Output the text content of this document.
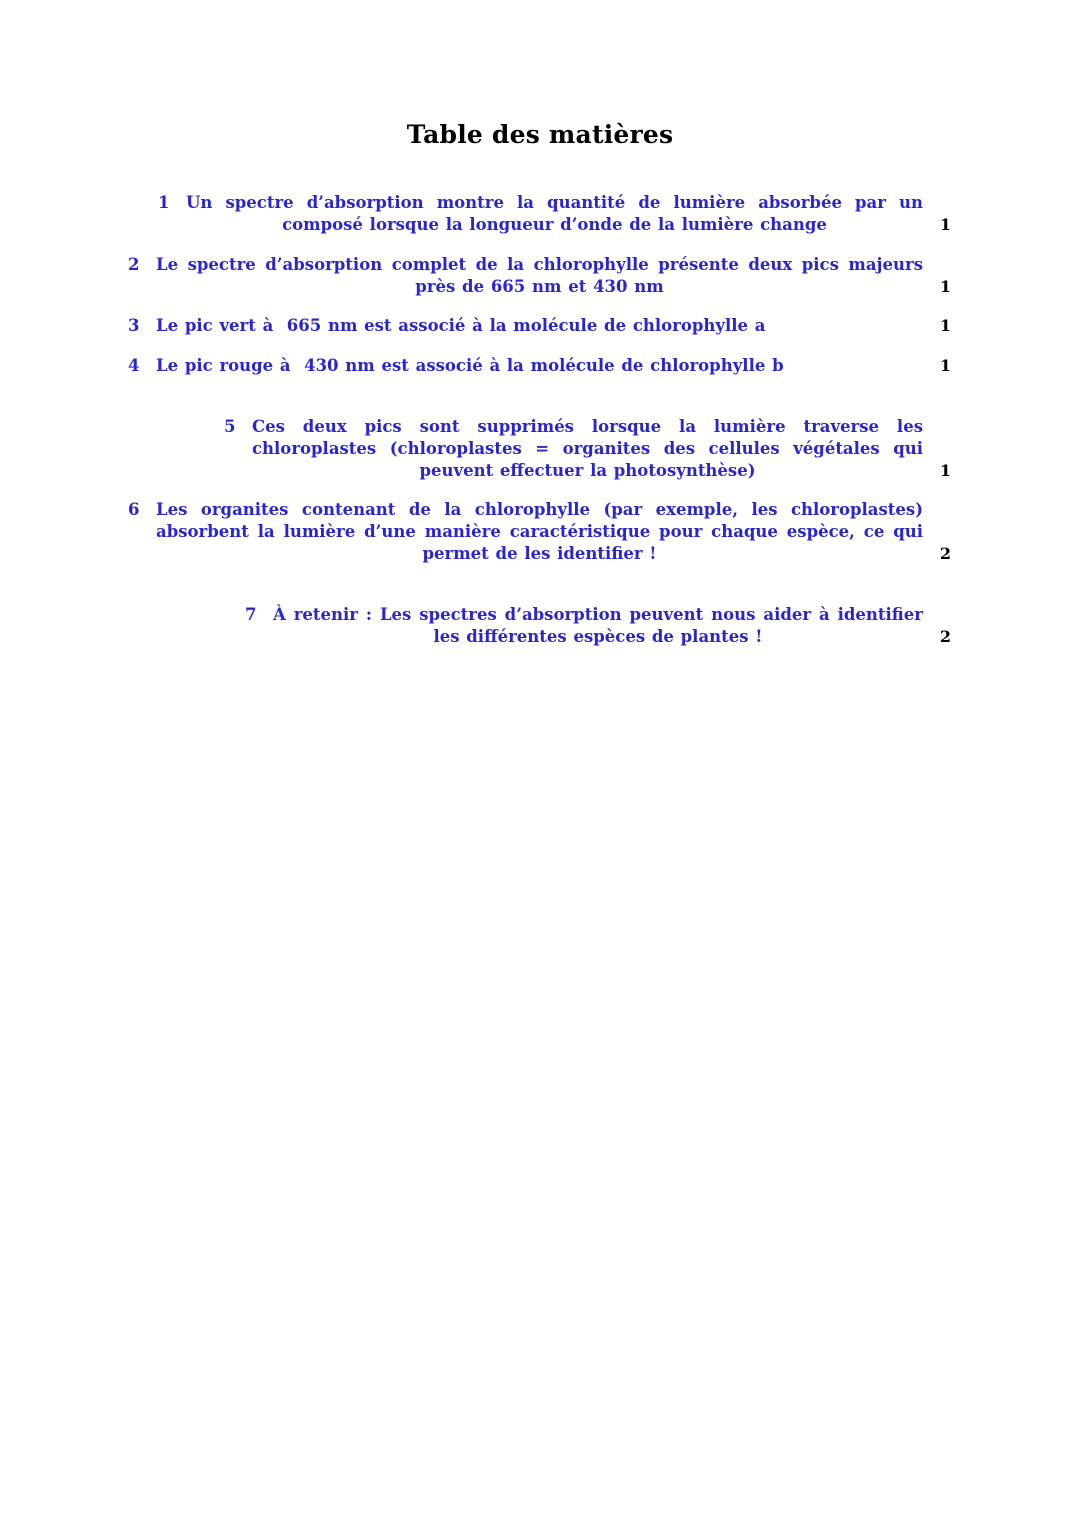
Table des matières
1 Un spectre d’absorption montre la quantité de lumière absorbée par un composé lorsque la longueur d’onde de la lumière change	1
2 Le spectre d’absorption complet de la chlorophylle présente deux pics majeurs près de 665 nm et 430 nm	1
3 Le pic vert à  665 nm est associé à la molécule de chlorophylle a	1
4 Le pic rouge à  430 nm est associé à la molécule de chlorophylle b	1
5 Ces deux pics sont supprimés lorsque la lumière traverse les chloroplastes (chloroplastes = organites des cellules végétales qui peuvent effectuer la photosynthèse)	1
6 Les organites contenant de la chlorophylle (par exemple, les chloroplastes) absorbent la lumière d’une manière caractéristique pour chaque espèce, ce qui permet de les identifier !	2
7 À retenir : Les spectres d’absorption peuvent nous aider à identifier les différentes espèces de plantes !	2
